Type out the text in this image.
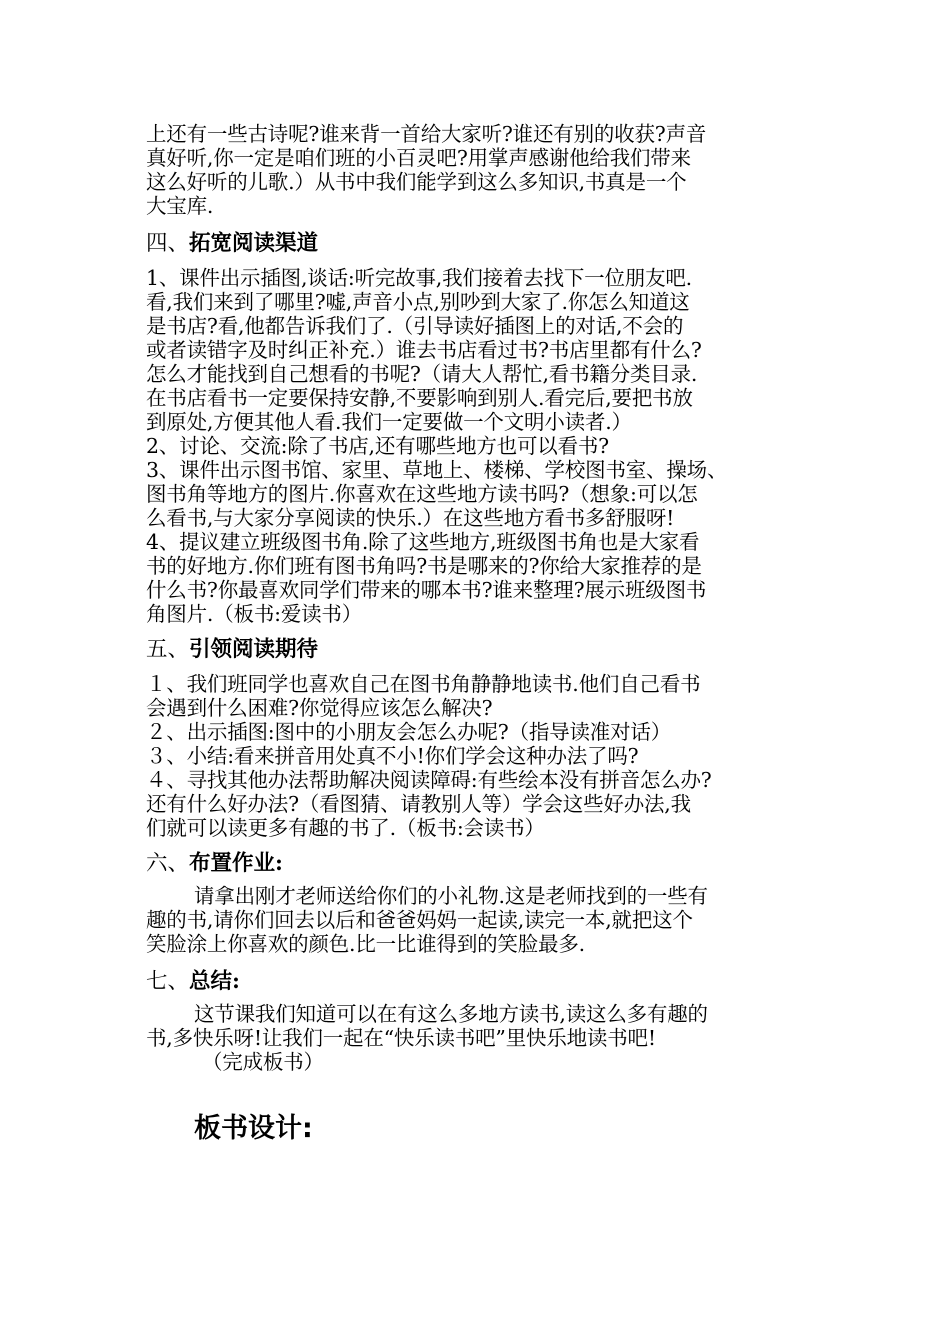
上还有一些古诗呢?谁来背一首给大家听?谁还有别的收获?声音
真好听,你一定是咱们班的小百灵吧?用掌声感谢他给我们带来
这么好听的儿歌.）从书中我们能学到这么多知识,书真是一个
大宝库.

四、拓宽阅读渠道

1、课件出示插图,谈话:听完故事,我们接着去找下一位朋友吧.
看,我们来到了哪里?嘘,声音小点,别吵到大家了.你怎么知道这
是书店?看,他都告诉我们了.（引导读好插图上的对话,不会的
或者读错字及时纠正补充.）谁去书店看过书?书店里都有什么?
怎么才能找到自己想看的书呢?（请大人帮忙,看书籍分类目录.
在书店看书一定要保持安静,不要影响到别人.看完后,要把书放
到原处,方便其他人看.我们一定要做一个文明小读者.）
2、讨论、交流:除了书店,还有哪些地方也可以看书?
3、课件出示图书馆、家里、草地上、楼梯、学校图书室、操场、
图书角等地方的图片.你喜欢在这些地方读书吗?（想象:可以怎
么看书,与大家分享阅读的快乐.）在这些地方看书多舒服呀!
4、提议建立班级图书角.除了这些地方,班级图书角也是大家看
书的好地方.你们班有图书角吗?书是哪来的?你给大家推荐的是
什么书?你最喜欢同学们带来的哪本书?谁来整理?展示班级图书
角图片.（板书:爱读书）

五、引领阅读期待

１、我们班同学也喜欢自己在图书角静静地读书.他们自己看书
会遇到什么困难?你觉得应该怎么解决?
２、出示插图:图中的小朋友会怎么办呢?（指导读准对话）
３、小结:看来拼音用处真不小!你们学会这种办法了吗?
４、寻找其他办法帮助解决阅读障碍:有些绘本没有拼音怎么办?
还有什么好办法?（看图猜、请教别人等）学会这些好办法,我
们就可以读更多有趣的书了.（板书:会读书）

六、布置作业:

请拿出刚才老师送给你们的小礼物.这是老师找到的一些有
趣的书,请你们回去以后和爸爸妈妈一起读,读完一本,就把这个
笑脸涂上你喜欢的颜色.比一比谁得到的笑脸最多.

七、总结:

这节课我们知道可以在有这么多地方读书,读这么多有趣的
书,多快乐呀!让我们一起在“快乐读书吧”里快乐地读书吧!
（完成板书）

板书设计:
